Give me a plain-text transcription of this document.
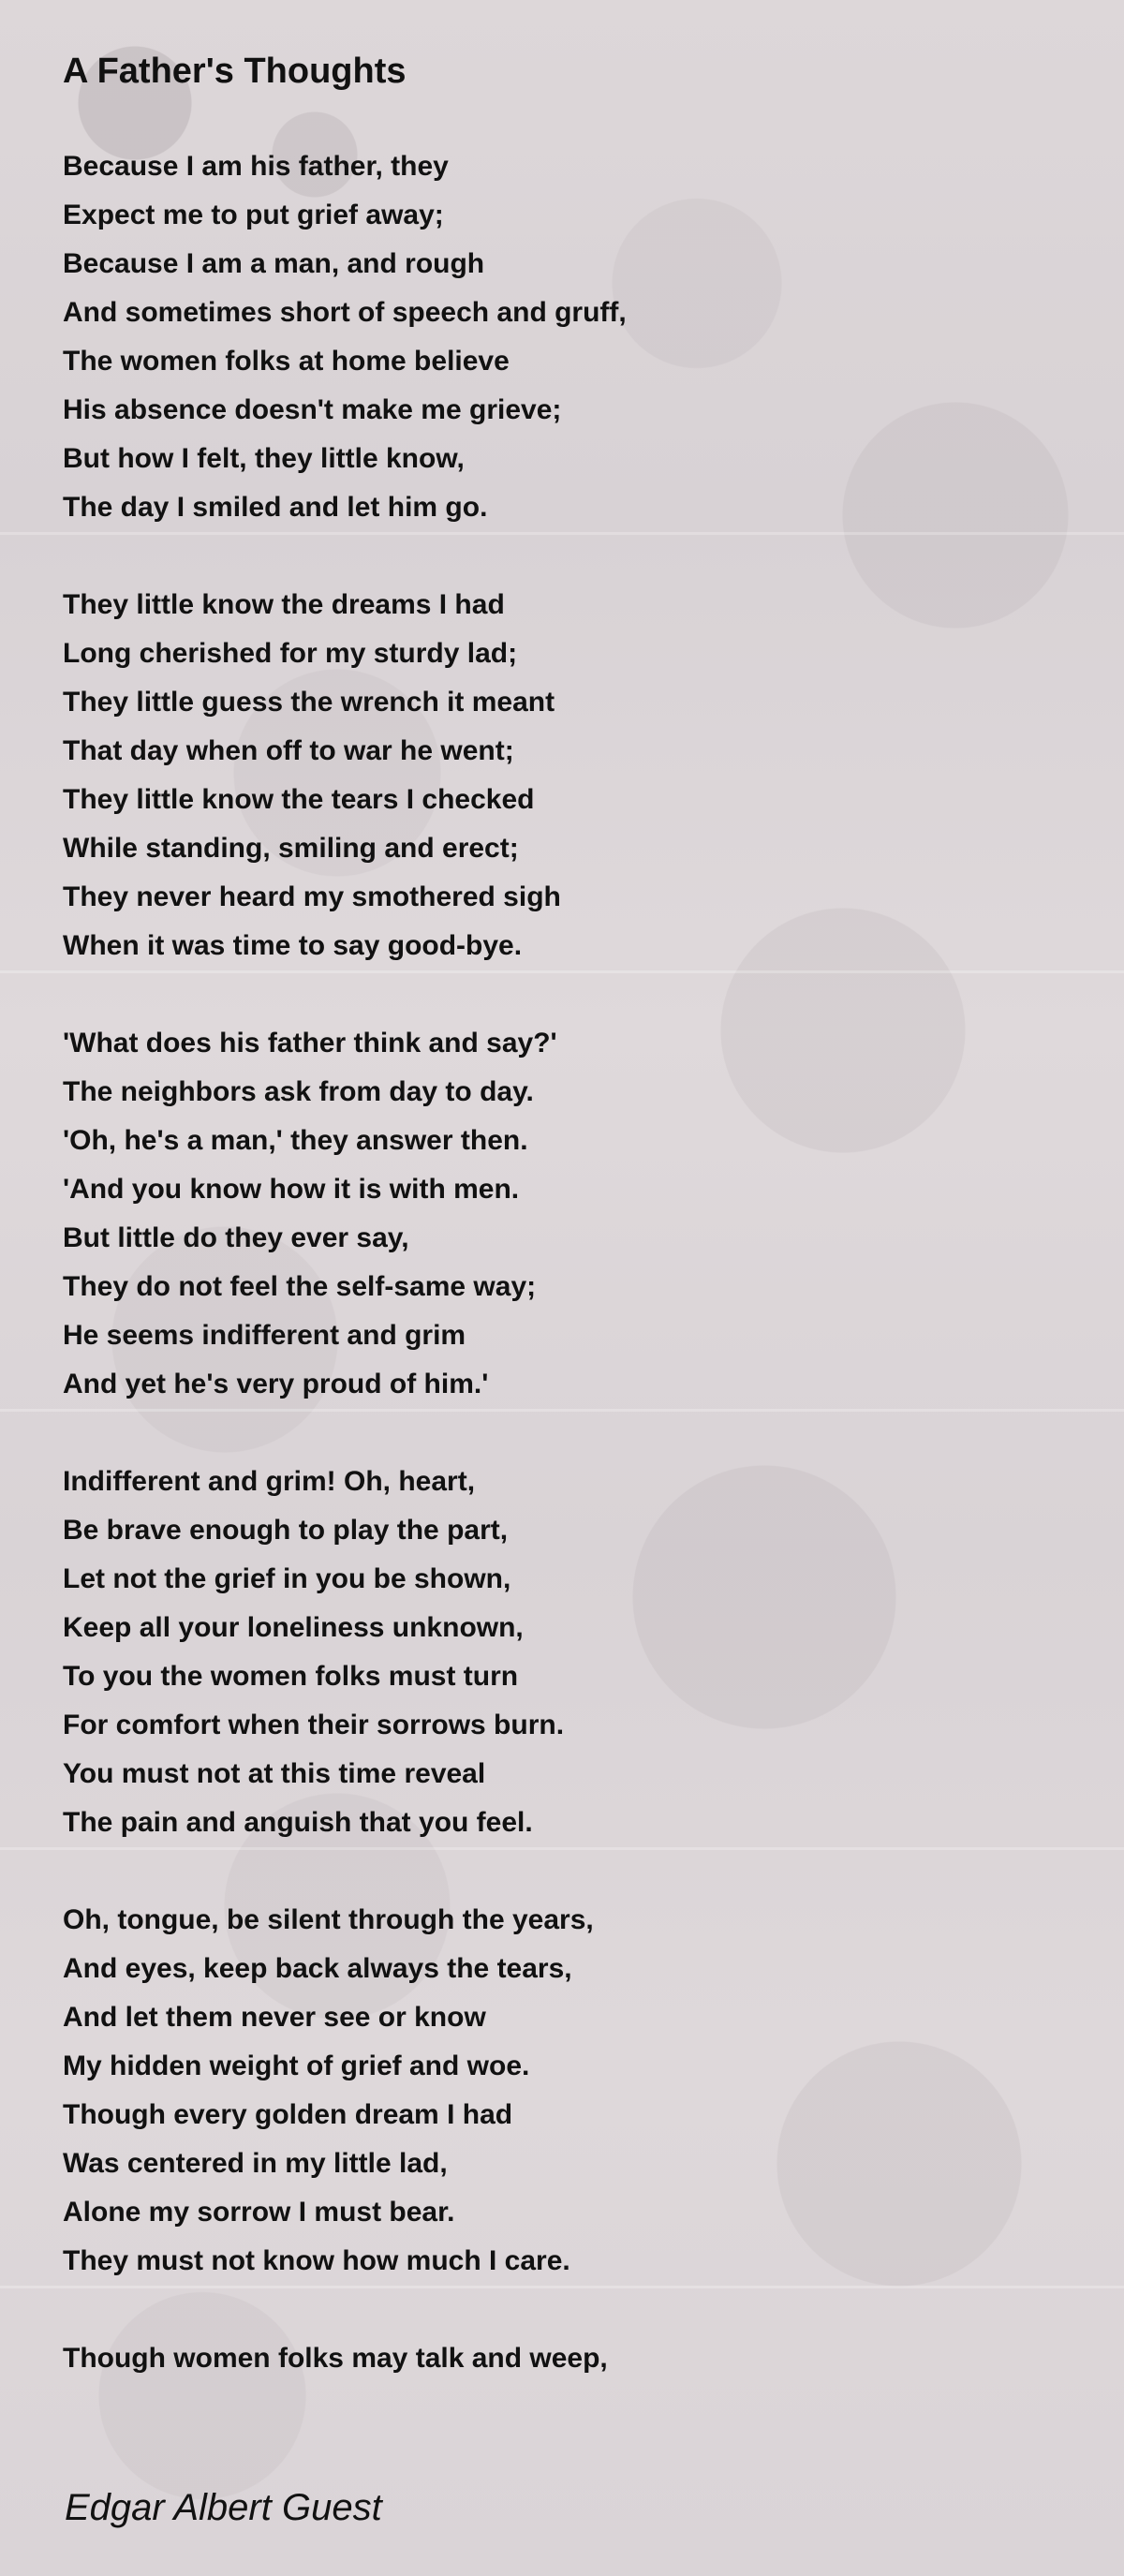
A Father's Thoughts
Because I am his father, they
Expect me to put grief away;
Because I am a man, and rough
And sometimes short of speech and gruff,
The women folks at home believe
His absence doesn't make me grieve;
But how I felt, they little know,
The day I smiled and let him go.
They little know the dreams I had
Long cherished for my sturdy lad;
They little guess the wrench it meant
That day when off to war he went;
They little know the tears I checked
While standing, smiling and erect;
They never heard my smothered sigh
When it was time to say good-bye.
'What does his father think and say?'
The neighbors ask from day to day.
'Oh, he's a man,' they answer then.
'And you know how it is with men.
But little do they ever say,
They do not feel the self-same way;
He seems indifferent and grim
And yet he's very proud of him.'
Indifferent and grim! Oh, heart,
Be brave enough to play the part,
Let not the grief in you be shown,
Keep all your loneliness unknown,
To you the women folks must turn
For comfort when their sorrows burn.
You must not at this time reveal
The pain and anguish that you feel.
Oh, tongue, be silent through the years,
And eyes, keep back always the tears,
And let them never see or know
My hidden weight of grief and woe.
Though every golden dream I had
Was centered in my little lad,
Alone my sorrow I must bear.
They must not know how much I care.
Though women folks may talk and weep,
Edgar Albert Guest
